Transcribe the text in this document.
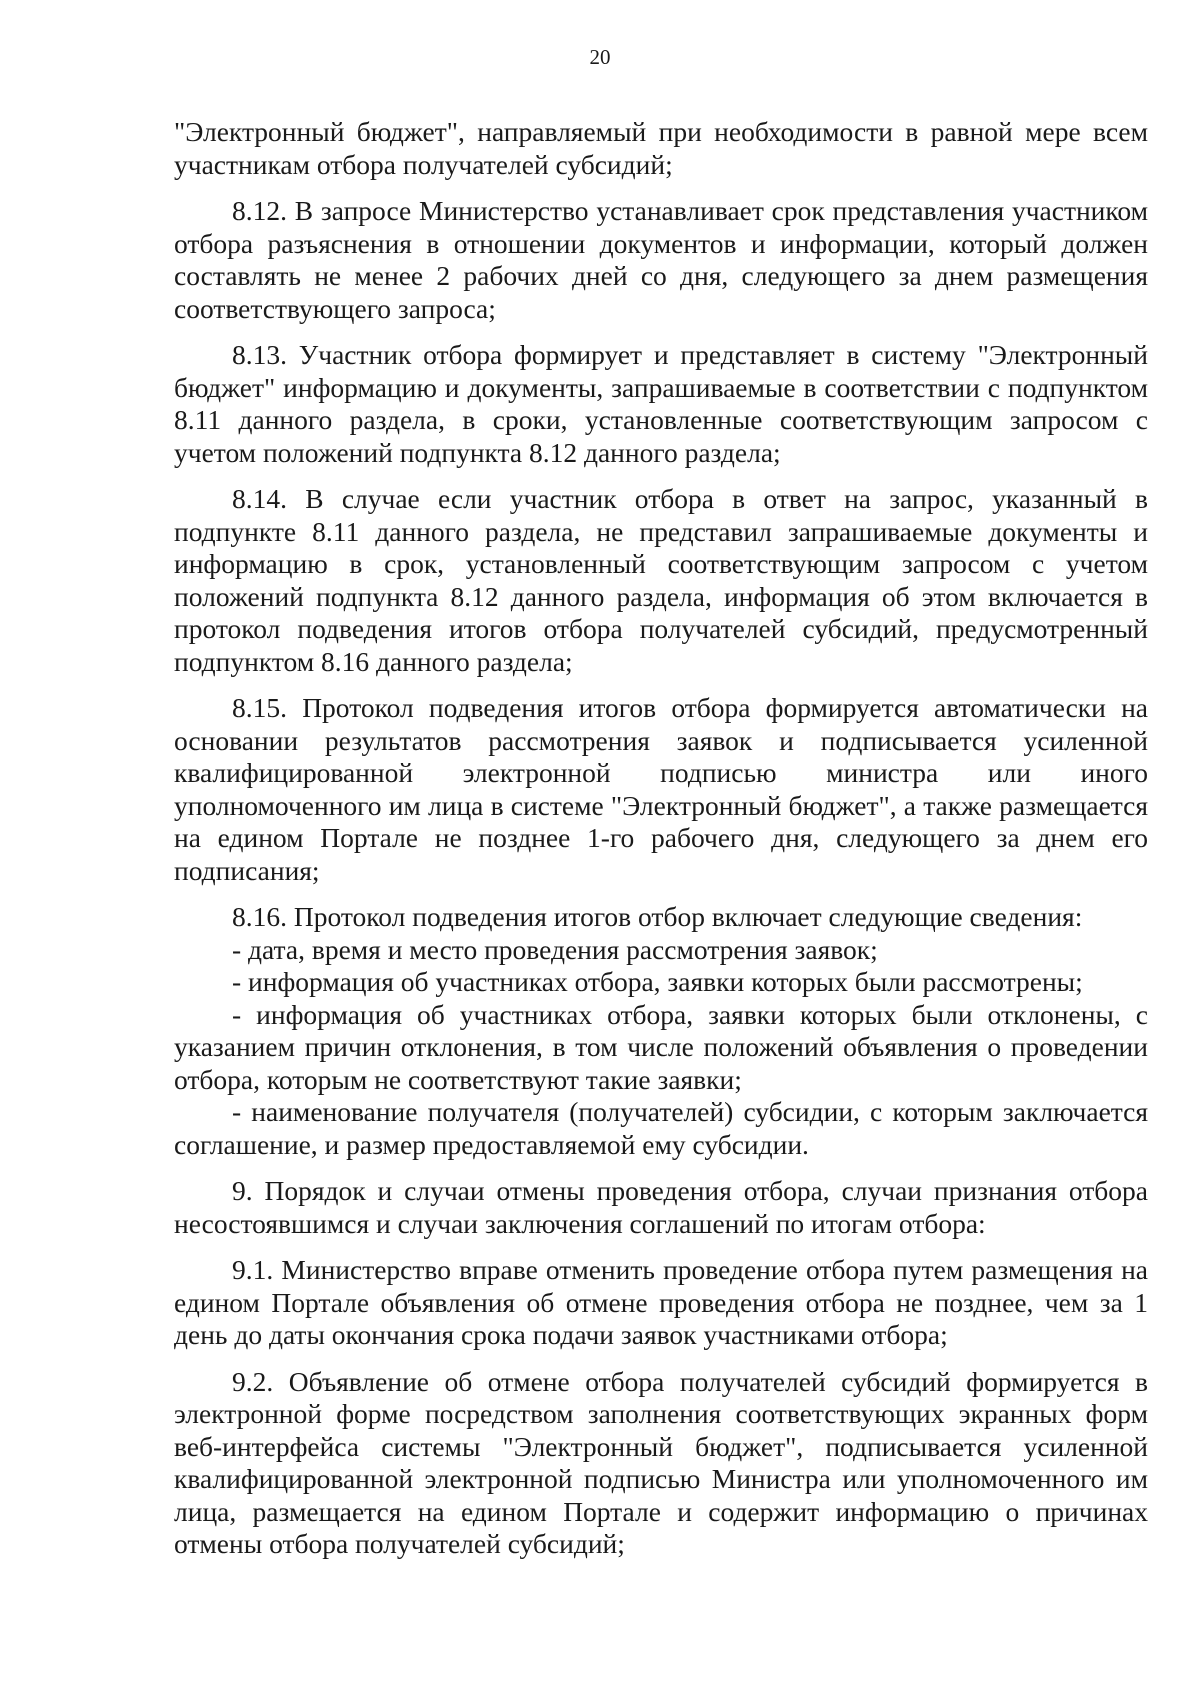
20

"Электронный бюджет", направляемый при необходимости в равной мере всем участникам отбора получателей субсидий;

8.12. В запросе Министерство устанавливает срок представления участником отбора разъяснения в отношении документов и информации, который должен составлять не менее 2 рабочих дней со дня, следующего за днем размещения соответствующего запроса;

8.13. Участник отбора формирует и представляет в систему "Электронный бюджет" информацию и документы, запрашиваемые в соответствии с подпунктом 8.11 данного раздела, в сроки, установленные соответствующим запросом с учетом положений подпункта 8.12 данного раздела;

8.14. В случае если участник отбора в ответ на запрос, указанный в подпункте 8.11 данного раздела, не представил запрашиваемые документы и информацию в срок, установленный соответствующим запросом с учетом положений подпункта 8.12 данного раздела, информация об этом включается в протокол подведения итогов отбора получателей субсидий, предусмотренный подпунктом 8.16 данного раздела;

8.15. Протокол подведения итогов отбора формируется автоматически на основании результатов рассмотрения заявок и подписывается усиленной квалифицированной электронной подписью министра или иного уполномоченного им лица в системе "Электронный бюджет", а также размещается на едином Портале не позднее 1-го рабочего дня, следующего за днем его подписания;

8.16. Протокол подведения итогов отбор включает следующие сведения:

- дата, время и место проведения рассмотрения заявок;

- информация об участниках отбора, заявки которых были рассмотрены;

- информация об участниках отбора, заявки которых были отклонены, с указанием причин отклонения, в том числе положений объявления о проведении отбора, которым не соответствуют такие заявки;

- наименование получателя (получателей) субсидии, с которым заключается соглашение, и размер предоставляемой ему субсидии.

9. Порядок и случаи отмены проведения отбора, случаи признания отбора несостоявшимся и случаи заключения соглашений по итогам отбора:

9.1. Министерство вправе отменить проведение отбора путем размещения на едином Портале объявления об отмене проведения отбора не позднее, чем за 1 день до даты окончания срока подачи заявок участниками отбора;

9.2. Объявление об отмене отбора получателей субсидий формируется в электронной форме посредством заполнения соответствующих экранных форм веб-интерфейса системы "Электронный бюджет", подписывается усиленной квалифицированной электронной подписью Министра или уполномоченного им лица, размещается на едином Портале и содержит информацию о причинах отмены отбора получателей субсидий;
